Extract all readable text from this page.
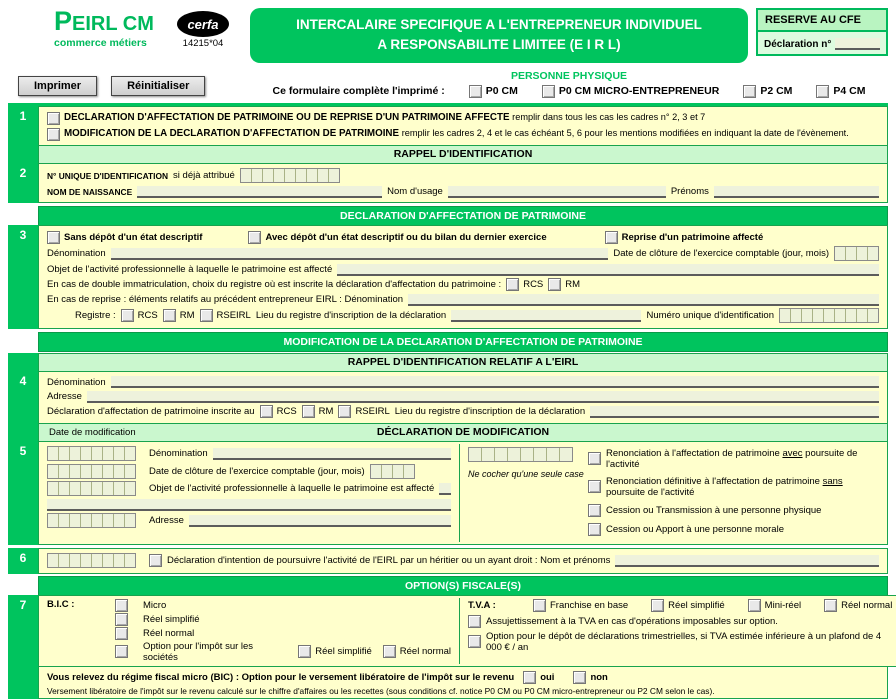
PEIRL CM
commerce métiers
cerfa
14215*04
INTERCALAIRE SPECIFIQUE A L'ENTREPRENEUR INDIVIDUEL
A RESPONSABILITE LIMITEE (E I R L)
RESERVE AU CFE
Déclaration n°
Imprimer	Réinitialiser
PERSONNE PHYSIQUE
Ce formulaire complète l'imprimé :	P0 CM	P0 CM MICRO-ENTREPRENEUR	P2 CM	P4 CM
1	DECLARATION D'AFFECTATION DE PATRIMOINE OU DE REPRISE D'UN PATRIMOINE AFFECTE remplir dans tous les cas les cadres n° 2, 3 et 7
MODIFICATION DE LA DECLARATION D'AFFECTATION DE PATRIMOINE remplir les cadres 2, 4 et le cas échéant 5, 6 pour les mentions modifiées en indiquant la date de l'évènement.
RAPPEL D'IDENTIFICATION
2	N° UNIQUE D'IDENTIFICATION si déjà attribué
NOM DE NAISSANCE	Nom d'usage	Prénoms
DECLARATION D'AFFECTATION DE PATRIMOINE
3	Sans dépôt d'un état descriptif	Avec dépôt d'un état descriptif ou du bilan du dernier exercice	Reprise d'un patrimoine affecté
Dénomination	Date de clôture de l'exercice comptable (jour, mois)
Objet de l'activité professionnelle à laquelle le patrimoine est affecté
En cas de double immatriculation, choix du registre où est inscrite la déclaration d'affectation du patrimoine : RCS RM
En cas de reprise : éléments relatifs au précédent entrepreneur EIRL : Dénomination
Registre : RCS RM RSEIRL Lieu du registre d'inscription de la déclaration	Numéro unique d'identification
MODIFICATION DE LA DECLARATION D'AFFECTATION DE PATRIMOINE
RAPPEL D'IDENTIFICATION RELATIF A L'EIRL
4	Dénomination
Adresse
Déclaration d'affectation de patrimoine inscrite au RCS RM RSEIRL Lieu du registre d'inscription de la déclaration
Date de modification	DÉCLARATION DE MODIFICATION
5	Dénomination
Date de clôture de l'exercice comptable (jour, mois)
Objet de l'activité professionnelle à laquelle le patrimoine est affecté
Adresse
Ne cocher qu'une seule case
Renonciation à l'affectation de patrimoine avec poursuite de l'activité
Renonciation définitive à l'affectation de patrimoine sans poursuite de l'activité
Cession ou Transmission à une personne physique
Cession ou Apport à une personne morale
6	Déclaration d'intention de poursuivre l'activité de l'EIRL par un héritier ou un ayant droit : Nom et prénoms
OPTION(S) FISCALE(S)
7	B.I.C :	Micro
Réel simplifié
Réel normal
Option pour l'impôt sur les sociétés	Réel simplifié	Réel normal
T.V.A :	Franchise en base	Réel simplifié	Mini-réel	Réel normal
Assujettissement à la TVA en cas d'opérations imposables sur option.
Option pour le dépôt de déclarations trimestrielles, si TVA estimée inférieure à un plafond de 4 000 € / an
Vous relevez du régime fiscal micro (BIC) : Option pour le versement libératoire de l'impôt sur le revenu	oui	non
Versement libératoire de l'impôt sur le revenu calculé sur le chiffre d'affaires ou les recettes (sous conditions cf. notice P0 CM ou P0 CM micro-entrepreneur ou P2 CM selon le cas).
